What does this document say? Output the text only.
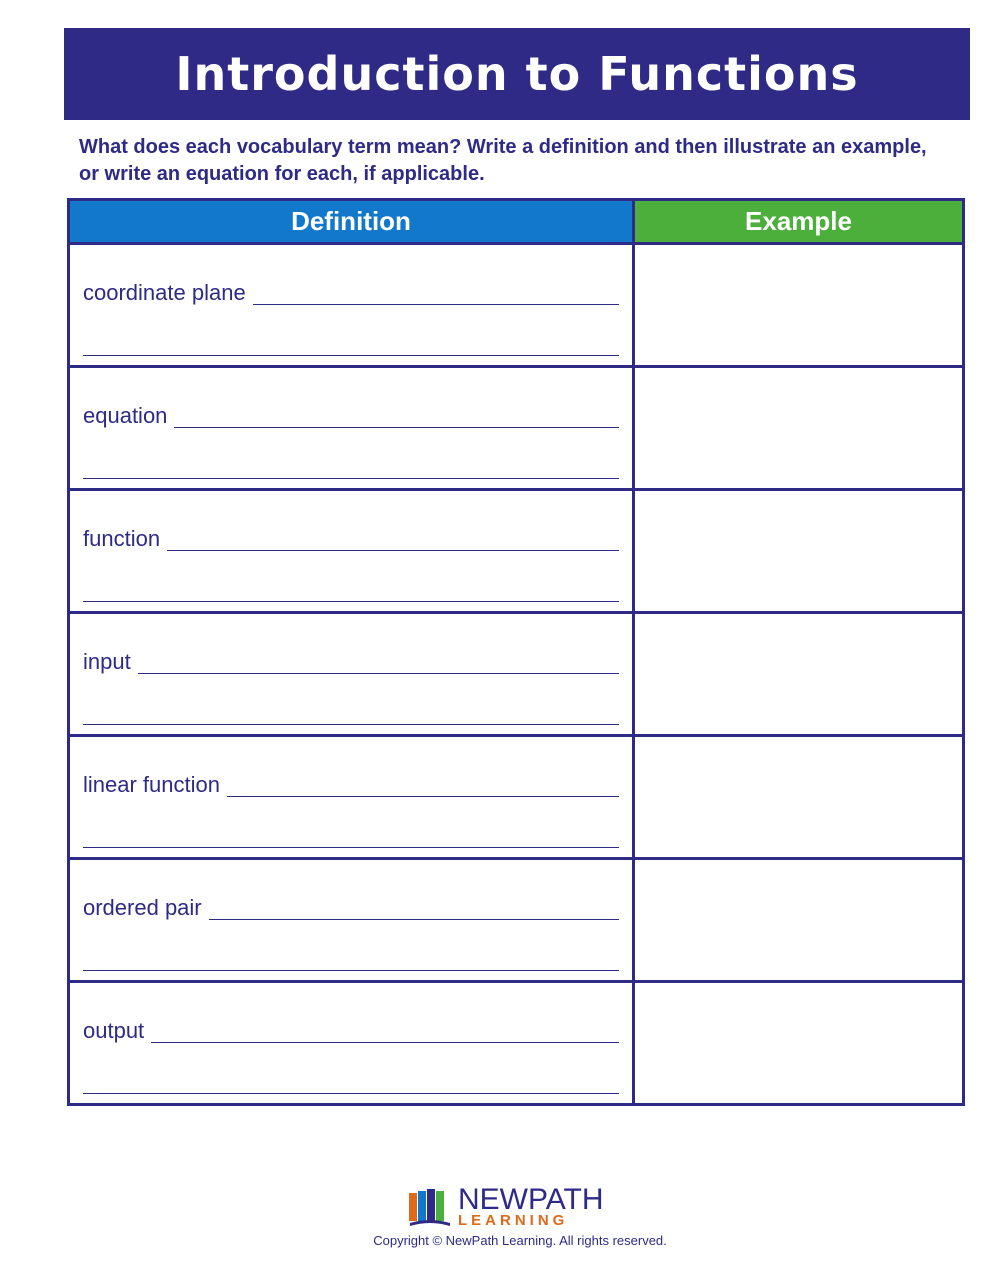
Introduction to Functions
What does each vocabulary term mean? Write a definition and then illustrate an example, or write an equation for each, if applicable.
Definition	Example
coordinate plane
equation
function
input
linear function
ordered pair
output
NEWPATH
LEARNING
Copyright © NewPath Learning. All rights reserved.
